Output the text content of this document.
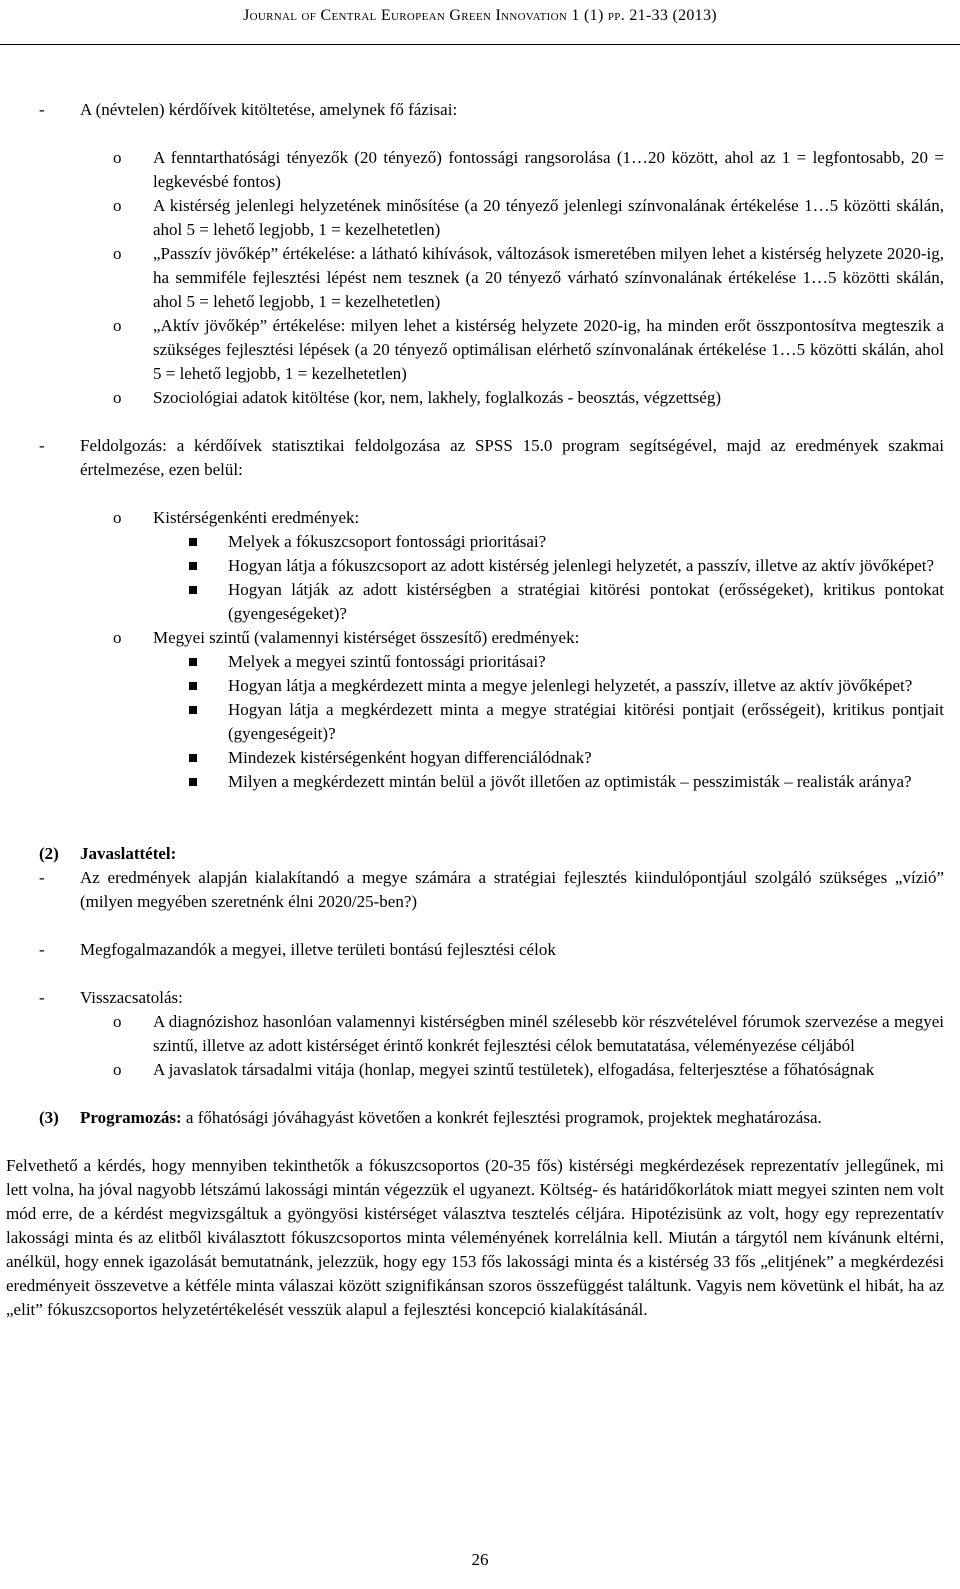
Journal of Central European Green Innovation 1 (1) pp. 21-33 (2013)
- A (névtelen) kérdőívek kitöltetése, amelynek fő fázisai:
o A fenntarthatósági tényezők (20 tényező) fontossági rangsorolása (1…20 között, ahol az 1 = legfontosabb, 20 = legkevésbé fontos)
o A kistérség jelenlegi helyzetének minősítése (a 20 tényező jelenlegi színvonalának értékelése 1…5 közötti skálán, ahol 5 = lehető legjobb, 1 = kezelhetetlen)
o „Passzív jövőkép” értékelése: a látható kihívások, változások ismeretében milyen lehet a kistérség helyzete 2020-ig, ha semmiféle fejlesztési lépést nem tesznek (a 20 tényező várható színvonalának értékelése 1…5 közötti skálán, ahol 5 = lehető legjobb, 1 = kezelhetetlen)
o „Aktív jövőkép” értékelése: milyen lehet a kistérség helyzete 2020-ig, ha minden erőt összpontosítva megteszik a szükséges fejlesztési lépések (a 20 tényező optimálisan elérhető színvonalának értékelése 1…5 közötti skálán, ahol 5 = lehető legjobb, 1 = kezelhetetlen)
o Szociológiai adatok kitöltése (kor, nem, lakhely, foglalkozás - beosztás, végzettség)
- Feldolgozás: a kérdőívek statisztikai feldolgozása az SPSS 15.0 program segítségével, majd az eredmények szakmai értelmezése, ezen belül:
o Kistérségenkénti eredmények:
Melyek a fókuszcsoport fontossági prioritásai?
Hogyan látja a fókuszcsoport az adott kistérség jelenlegi helyzetét, a passzív, illetve az aktív jövőképet?
Hogyan látják az adott kistérségben a stratégiai kitörési pontokat (erősségeket), kritikus pontokat (gyengeségeket)?
o Megyei szintű (valamennyi kistérséget összesítő) eredmények:
Melyek a megyei szintű fontossági prioritásai?
Hogyan látja a megkérdezett minta a megye jelenlegi helyzetét, a passzív, illetve az aktív jövőképet?
Hogyan látja a megkérdezett minta a megye stratégiai kitörési pontjait (erősségeit), kritikus pontjait (gyengeségeit)?
Mindezek kistérségenként hogyan differenciálódnak?
Milyen a megkérdezett mintán belül a jövőt illetően az optimisták – pesszimisták – realisták aránya?
(2) Javaslattétel:
- Az eredmények alapján kialakítandó a megye számára a stratégiai fejlesztés kiindulópontjául szolgáló szükséges „vízió” (milyen megyében szeretnénk élni 2020/25-ben?)
- Megfogalmazandók a megyei, illetve területi bontású fejlesztési célok
- Visszacsatolás:
o A diagnózishoz hasonlóan valamennyi kistérségben minél szélesebb kör részvételével fórumok szervezése a megyei szintű, illetve az adott kistérséget érintő konkrét fejlesztési célok bemutatatása, véleményezése céljából
o A javaslatok társadalmi vitája (honlap, megyei szintű testületek), elfogadása, felterjesztése a főhatóságnak
(3) Programozás: a főhatósági jóváhagyást követően a konkrét fejlesztési programok, projektek meghatározása.
Felvethető a kérdés, hogy mennyiben tekinthetők a fókuszcsoportos (20-35 fős) kistérségi megkérdezések reprezentatív jellegűnek, mi lett volna, ha jóval nagyobb létszámú lakossági mintán végezzük el ugyanezt. Költség- és határidőkorlátok miatt megyei szinten nem volt mód erre, de a kérdést megvizsgáltuk a gyöngyösi kistérséget választva tesztelés céljára. Hipotézisünk az volt, hogy egy reprezentatív lakossági minta és az elitből kiválasztott fókuszcsoportos minta véleményének korrelálnia kell. Miután a tárgytól nem kívánunk eltérni, anélkül, hogy ennek igazolását bemutatnánk, jelezzük, hogy egy 153 fős lakossági minta és a kistérség 33 fős „elitjének” a megkérdezési eredményeit összevetve a kétféle minta válaszai között szignifikánsan szoros összefüggést találtunk. Vagyis nem követünk el hibát, ha az „elit” fókuszcsoportos helyzetértékelését vesszük alapul a fejlesztési koncepció kialakításánál.
26
